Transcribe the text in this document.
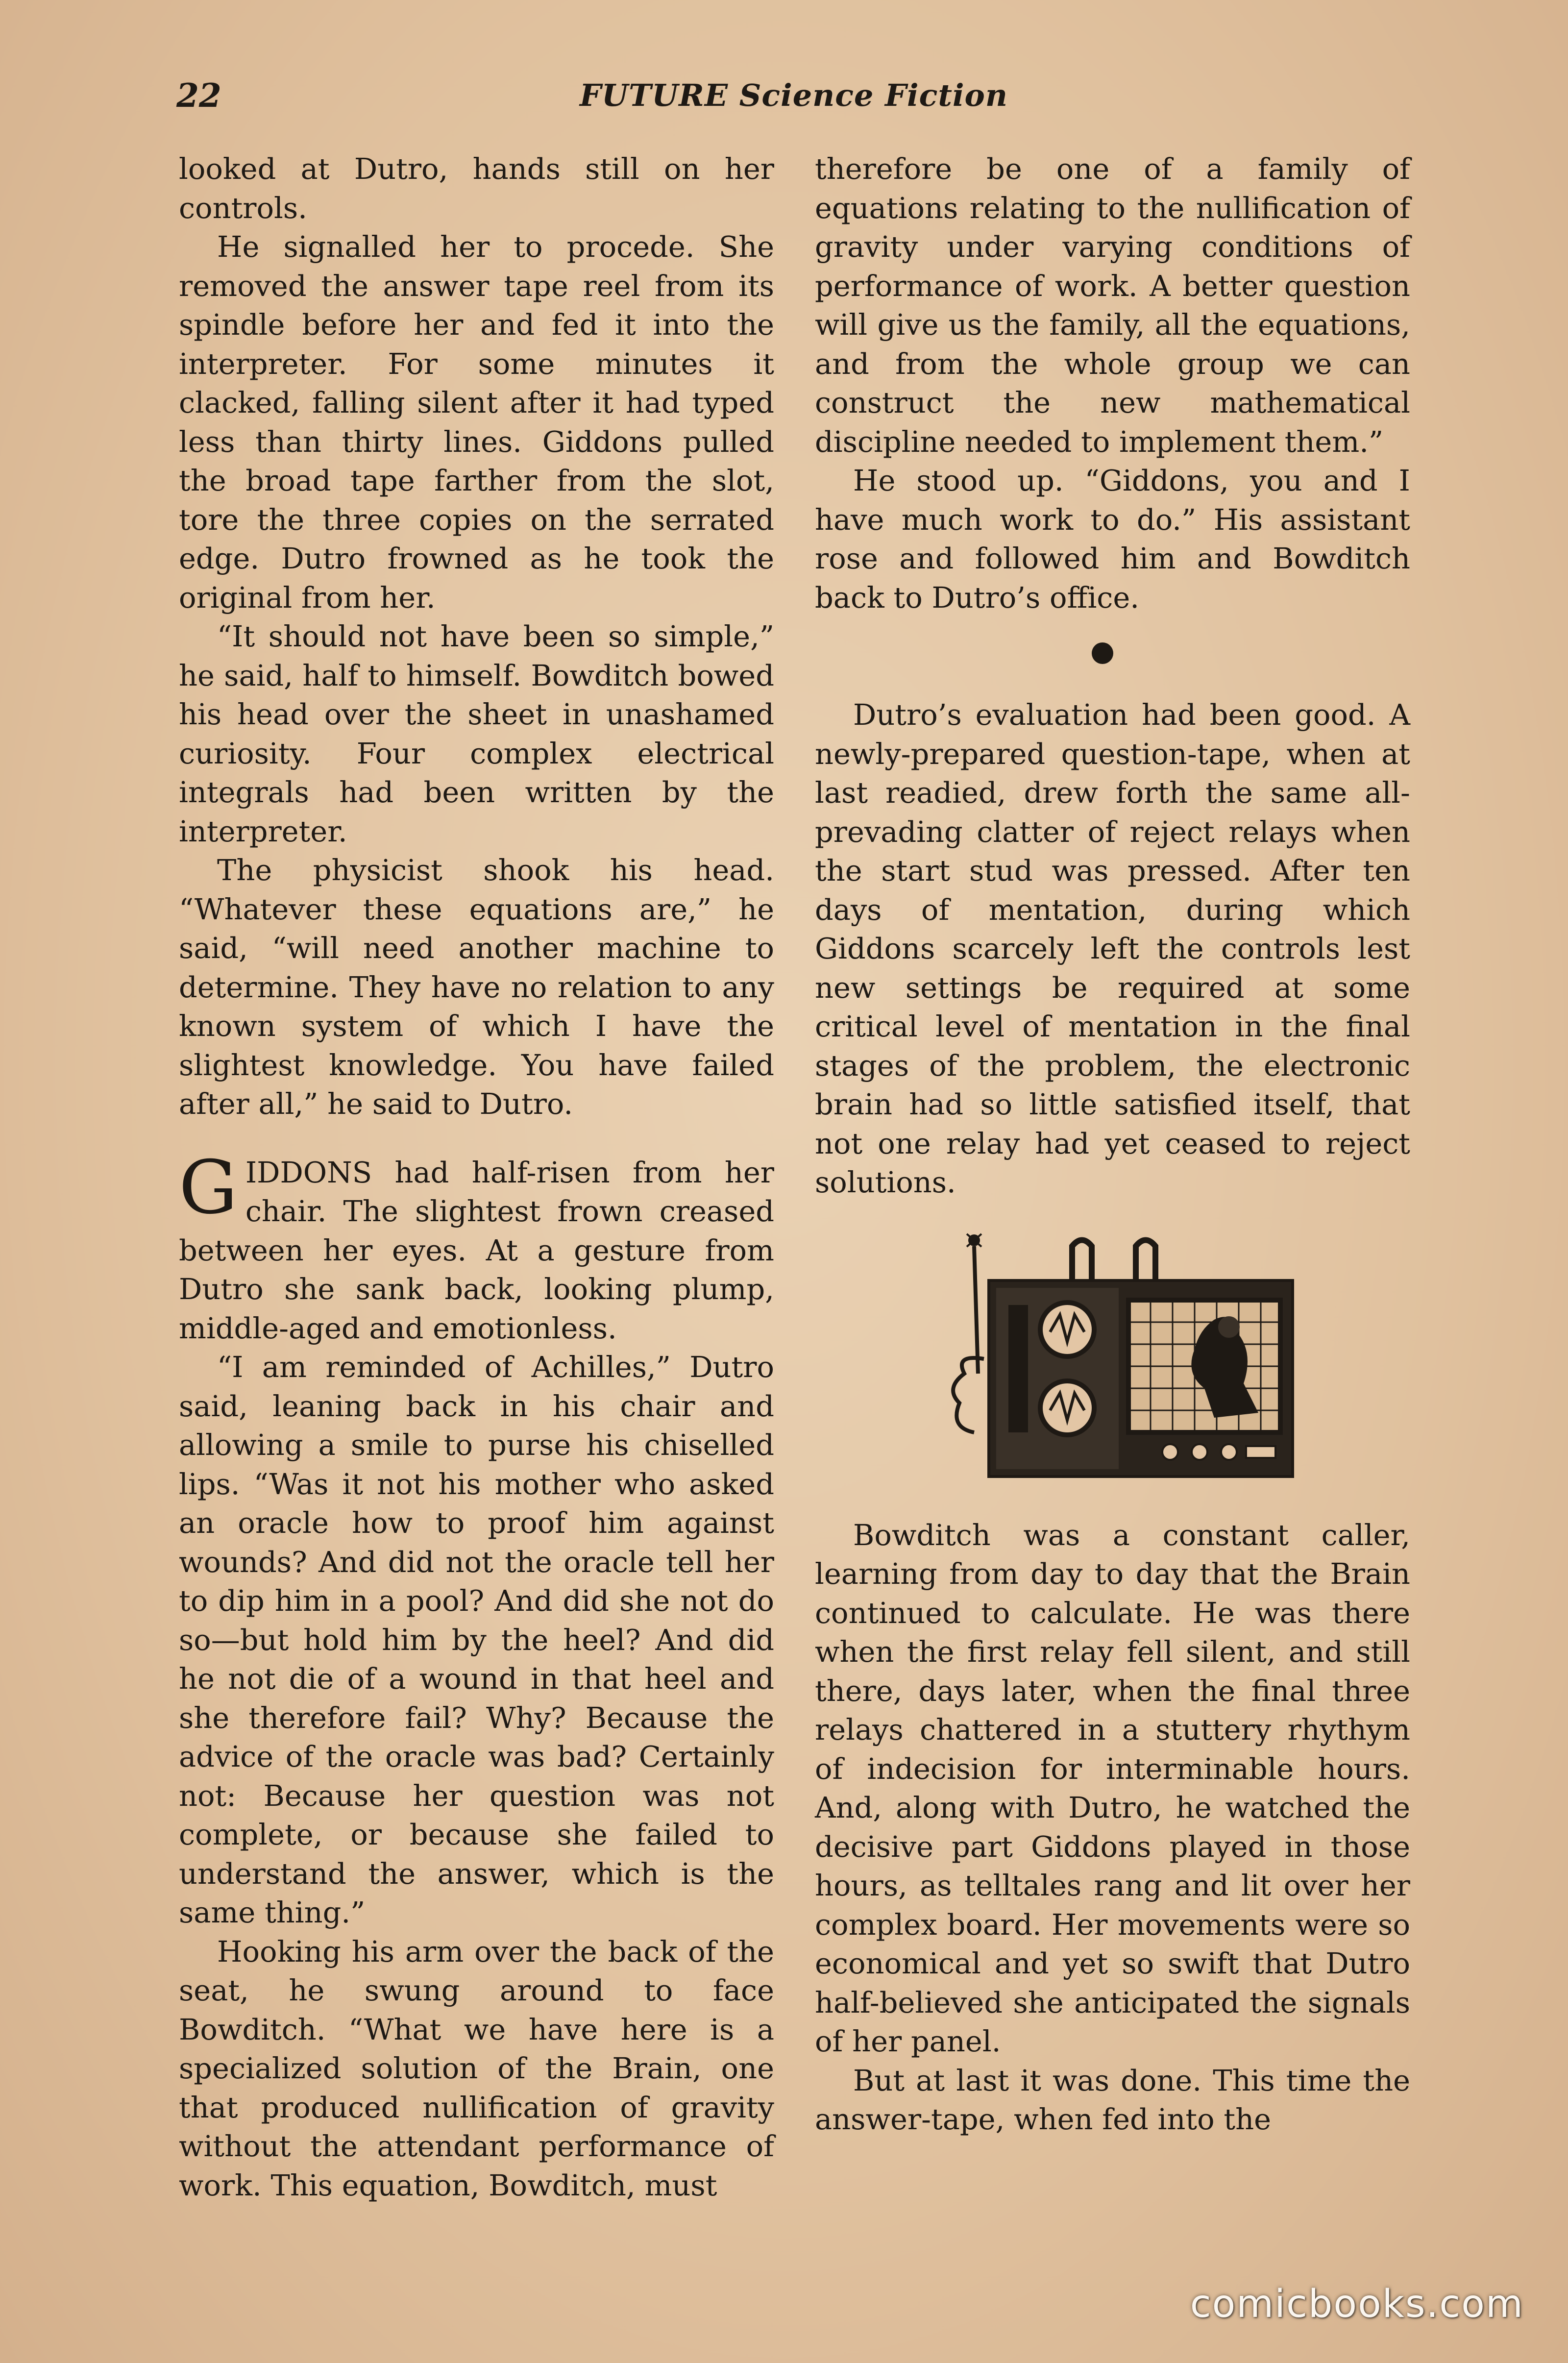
22	FUTURE Science Fiction

looked at Dutro, hands still on her controls.

He signalled her to procede. She removed the answer tape reel from its spindle before her and fed it into the interpreter. For some minutes it clacked, falling silent after it had typed less than thirty lines. Giddons pulled the broad tape farther from the slot, tore the three copies on the serrated edge. Dutro frowned as he took the original from her.

“It should not have been so simple,” he said, half to himself. Bowditch bowed his head over the sheet in unashamed curiosity. Four complex electrical integrals had been written by the interpreter.

The physicist shook his head. “Whatever these equations are,” he said, “will need another machine to determine. They have no relation to any known system of which I have the slightest knowledge. You have failed after all,” he said to Dutro.

GIDDONS had half-risen from her chair. The slightest frown creased between her eyes. At a gesture from Dutro she sank back, looking plump, middle-aged and emotionless.

“I am reminded of Achilles,” Dutro said, leaning back in his chair and allowing a smile to purse his chiselled lips. “Was it not his mother who asked an oracle how to proof him against wounds? And did not the oracle tell her to dip him in a pool? And did she not do so—but hold him by the heel? And did he not die of a wound in that heel and she therefore fail? Why? Because the advice of the oracle was bad? Certainly not: Because her question was not complete, or because she failed to understand the answer, which is the same thing.”

Hooking his arm over the back of the seat, he swung around to face Bowditch. “What we have here is a specialized solution of the Brain, one that produced nullification of gravity without the attendant performance of work. This equation, Bowditch, must

therefore be one of a family of equations relating to the nullification of gravity under varying conditions of performance of work. A better question will give us the family, all the equations, and from the whole group we can construct the new mathematical discipline needed to implement them.”

He stood up. “Giddons, you and I have much work to do.” His assistant rose and followed him and Bowditch back to Dutro’s office.

Dutro’s evaluation had been good. A newly-prepared question-tape, when at last readied, drew forth the same all-prevading clatter of reject relays when the start stud was pressed. After ten days of mentation, during which Giddons scarcely left the controls lest new settings be required at some critical level of mentation in the final stages of the problem, the electronic brain had so little satisfied itself, that not one relay had yet ceased to reject solutions.

Bowditch was a constant caller, learning from day to day that the Brain continued to calculate. He was there when the first relay fell silent, and still there, days later, when the final three relays chattered in a stuttery rhythym of indecision for interminable hours. And, along with Dutro, he watched the decisive part Giddons played in those hours, as telltales rang and lit over her complex board. Her movements were so economical and yet so swift that Dutro half-believed she anticipated the signals of her panel.

But at last it was done. This time the answer-tape, when fed into the

comicbooks.com
